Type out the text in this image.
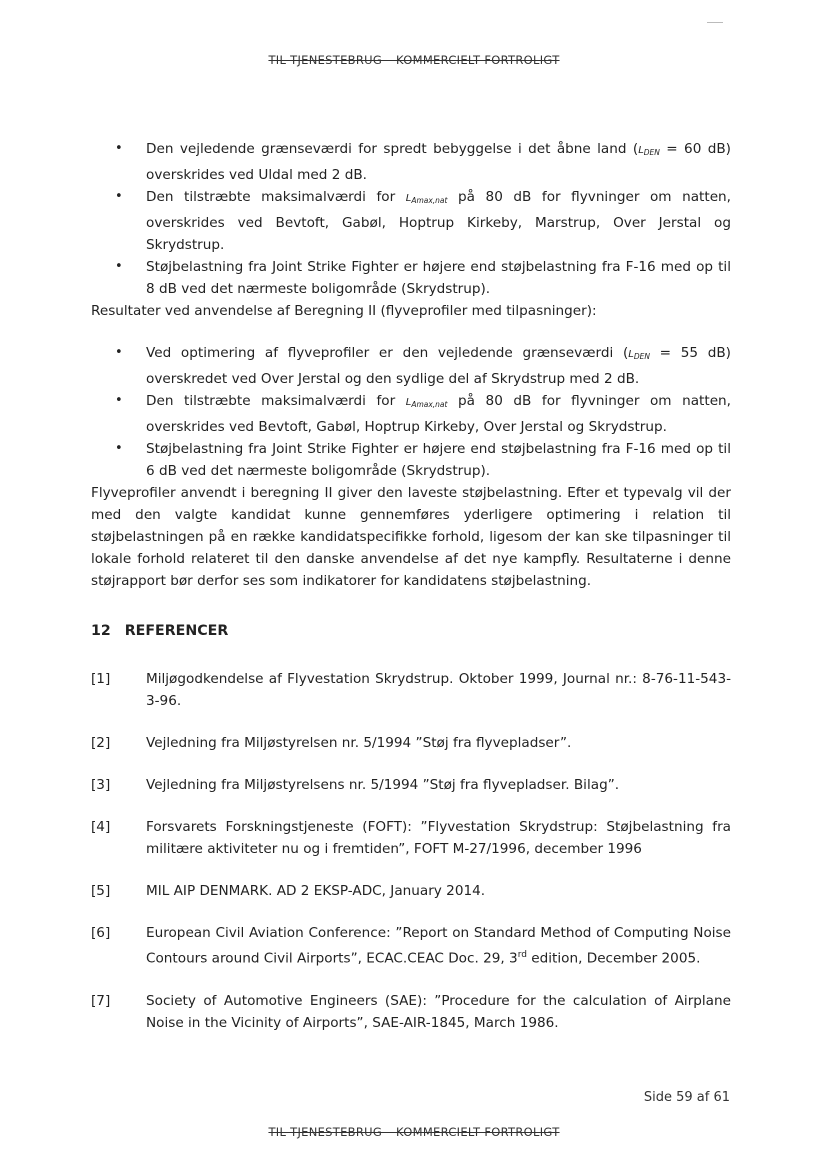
TIL TJENESTEBRUG – KOMMERCIELT FORTROLIGT
• Den vejledende grænseværdi for spredt bebyggelse i det åbne land ($L_{DEN} = 60$ dB) overskrides ved Uldal med 2 dB.
• Den tilstræbte maksimalværdi for $L_{Amax,nat}$ på 80 dB for flyvninger om natten, overskrides ved Bevtoft, Gabøl, Hoptrup Kirkeby, Marstrup, Over Jerstal og Skrydstrup.
• Støjbelastning fra Joint Strike Fighter er højere end støjbelastning fra F-16 med op til 8 dB ved det nærmeste boligområde (Skrydstrup).

Resultater ved anvendelse af Beregning II (flyveprofiler med tilpasninger):

• Ved optimering af flyveprofiler er den vejledende grænseværdi ($L_{DEN} = 55$ dB) overskredet ved Over Jerstal og den sydlige del af Skrydstrup med 2 dB.
• Den tilstræbte maksimalværdi for $L_{Amax,nat}$ på 80 dB for flyvninger om natten, overskrides ved Bevtoft, Gabøl, Hoptrup Kirkeby, Over Jerstal og Skrydstrup.
• Støjbelastning fra Joint Strike Fighter er højere end støjbelastning fra F-16 med op til 6 dB ved det nærmeste boligområde (Skrydstrup).

Flyveprofiler anvendt i beregning II giver den laveste støjbelastning. Efter et typevalg vil der med den valgte kandidat kunne gennemføres yderligere optimering i relation til støjbelastningen på en række kandidatspecifikke forhold, ligesom der kan ske tilpasninger til lokale forhold relateret til den danske anvendelse af det nye kampfly. Resultaterne i denne støjrapport bør derfor ses som indikatorer for kandidatens støjbelastning.

12 REFERENCER
[1]	Miljøgodkendelse af Flyvestation Skrydstrup. Oktober 1999, Journal nr.: 8-76-11-543-3-96.
[2]	Vejledning fra Miljøstyrelsen nr. 5/1994 ”Støj fra flyvepladser”.
[3]	Vejledning fra Miljøstyrelsens nr. 5/1994 ”Støj fra flyvepladser. Bilag”.
[4]	Forsvarets Forskningstjeneste (FOFT): ”Flyvestation Skrydstrup: Støjbelastning fra militære aktiviteter nu og i fremtiden”, FOFT M-27/1996, december 1996
[5]	MIL AIP DENMARK. AD 2 EKSP-ADC, January 2014.
[6]	European Civil Aviation Conference: ”Report on Standard Method of Computing Noise Contours around Civil Airports”, ECAC.CEAC Doc. 29, 3rd edition, December 2005.
[7]	Society of Automotive Engineers (SAE): ”Procedure for the calculation of Airplane Noise in the Vicinity of Airports”, SAE-AIR-1845, March 1986.
Side 59 af 61
TIL TJENESTEBRUG – KOMMERCIELT FORTROLIGT
